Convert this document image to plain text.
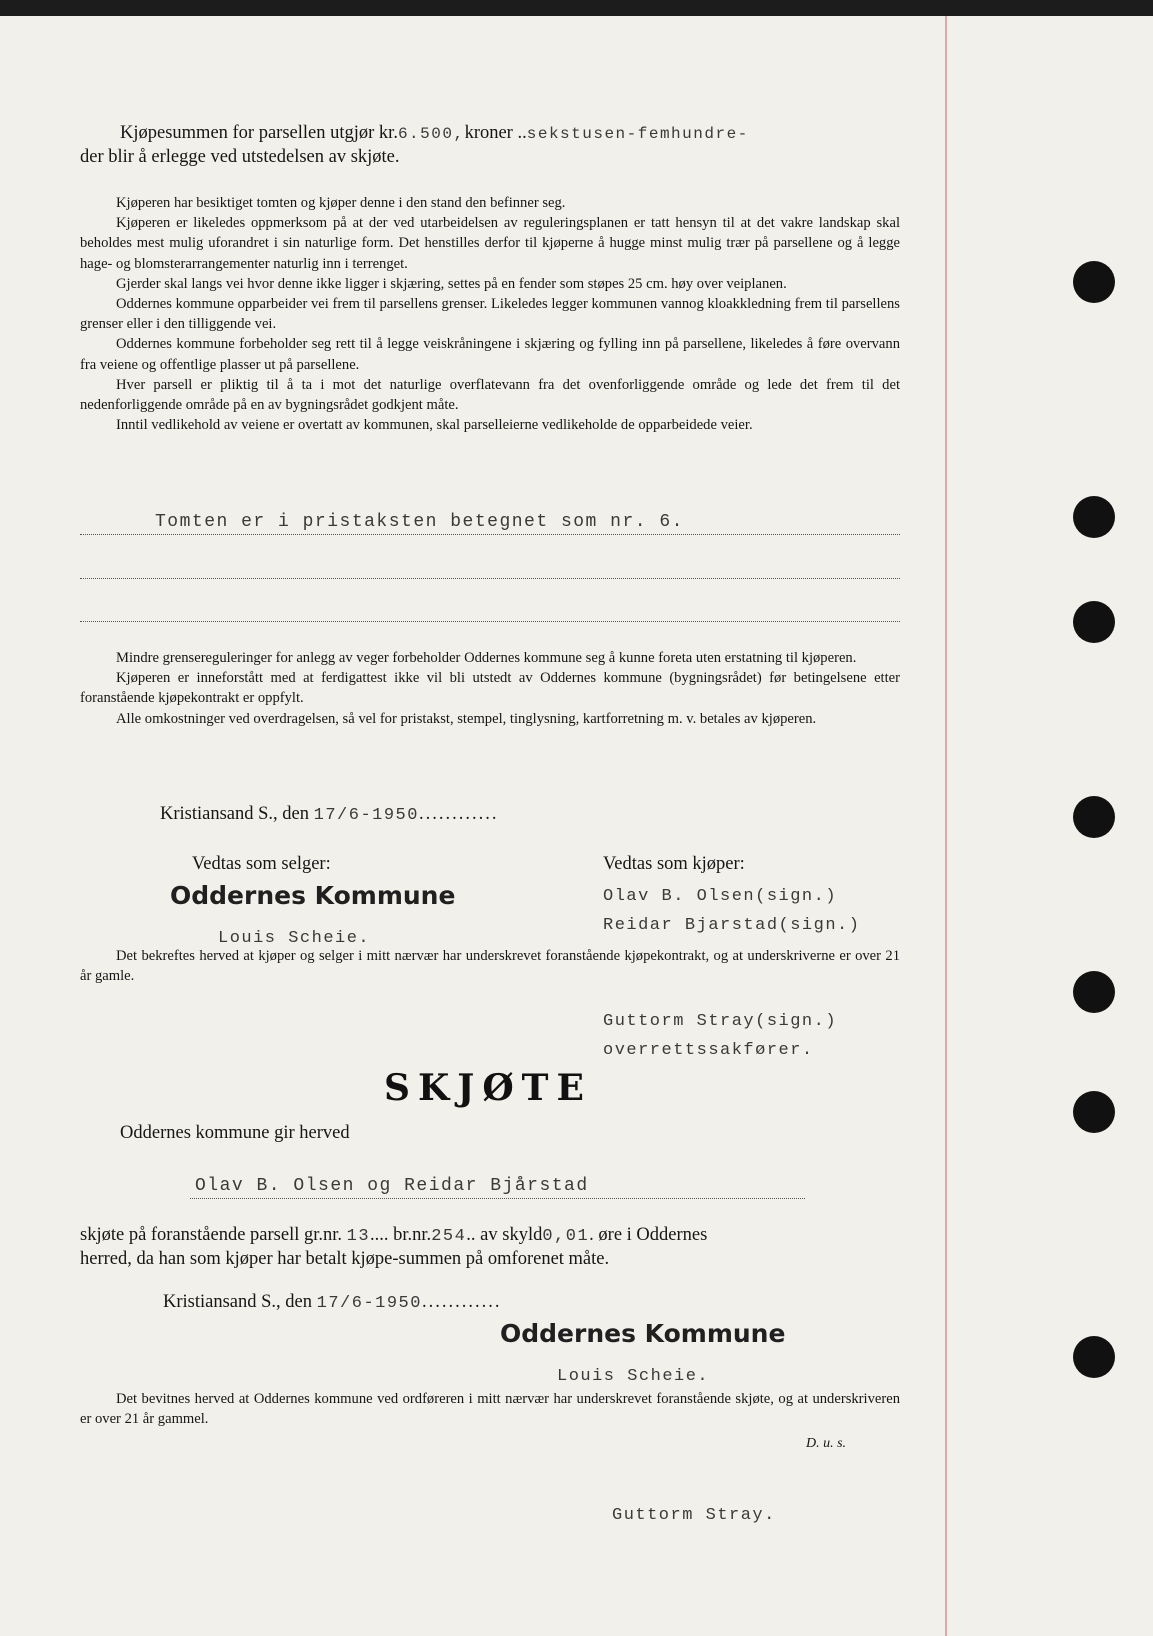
Kjøpesummen for parsellen utgjør kr.6.500,kroner ..sekstusen-femhundre-
der blir å erlegge ved utstedelsen av skjøte.
Kjøperen har besiktiget tomten og kjøper denne i den stand den befinner seg.
Kjøperen er likeledes oppmerksom på at der ved utarbeidelsen av reguleringsplanen er tatt hensyn til at det vakre landskap skal beholdes mest mulig uforandret i sin naturlige form. Det henstilles derfor til kjøperne å hugge minst mulig trær på parsellene og å legge hage- og blomsterarrangementer naturlig inn i terrenget.
Gjerder skal langs vei hvor denne ikke ligger i skjæring, settes på en fender som støpes 25 cm. høy over veiplanen.
Oddernes kommune opparbeider vei frem til parsellens grenser. Likeledes legger kommunen vannog kloakkledning frem til parsellens grenser eller i den tilliggende vei.
Oddernes kommune forbeholder seg rett til å legge veiskråningene i skjæring og fylling inn på parsellene, likeledes å føre overvann fra veiene og offentlige plasser ut på parsellene.
Hver parsell er pliktig til å ta i mot det naturlige overflatevann fra det ovenforliggende område og lede det frem til det nedenforliggende område på en av bygningsrådet godkjent måte.
Inntil vedlikehold av veiene er overtatt av kommunen, skal parselleierne vedlikeholde de opparbeidede veier.
Tomten er i pristaksten betegnet som nr. 6.
Mindre grensereguleringer for anlegg av veger forbeholder Oddernes kommune seg å kunne foreta uten erstatning til kjøperen.
Kjøperen er inneforstått med at ferdigattest ikke vil bli utstedt av Oddernes kommune (bygningsrådet) før betingelsene etter foranstående kjøpekontrakt er oppfylt.
Alle omkostninger ved overdragelsen, så vel for pristakst, stempel, tinglysning, kartforretning m. v. betales av kjøperen.
Kristiansand S., den 17/6-1950............
Vedtas som selger:
Oddernes Kommune
Louis Scheie.
Vedtas som kjøper:
Olav B. Olsen(sign.)
Reidar Bjarstad(sign.)
Det bekreftes herved at kjøper og selger i mitt nærvær har underskrevet foranstående kjøpekontrakt, og at underskriverne er over 21 år gamle.
Guttorm Stray(sign.)
overrettssakfører.
SKJØTE
Oddernes kommune gir herved
Olav B. Olsen og Reidar Bjårstad
skjøte på foranstående parsell gr.nr. 13.... br.nr.254.. av skyld0,01. øre i Oddernes
herred, da han som kjøper har betalt kjøpe-summen på omforenet måte.
Kristiansand S., den 17/6-1950............
Oddernes Kommune
Louis Scheie.
Det bevitnes herved at Oddernes kommune ved ordføreren i mitt nærvær har underskrevet foranstående skjøte, og at underskriveren er over 21 år gammel.
D. u. s.
Guttorm Stray.
